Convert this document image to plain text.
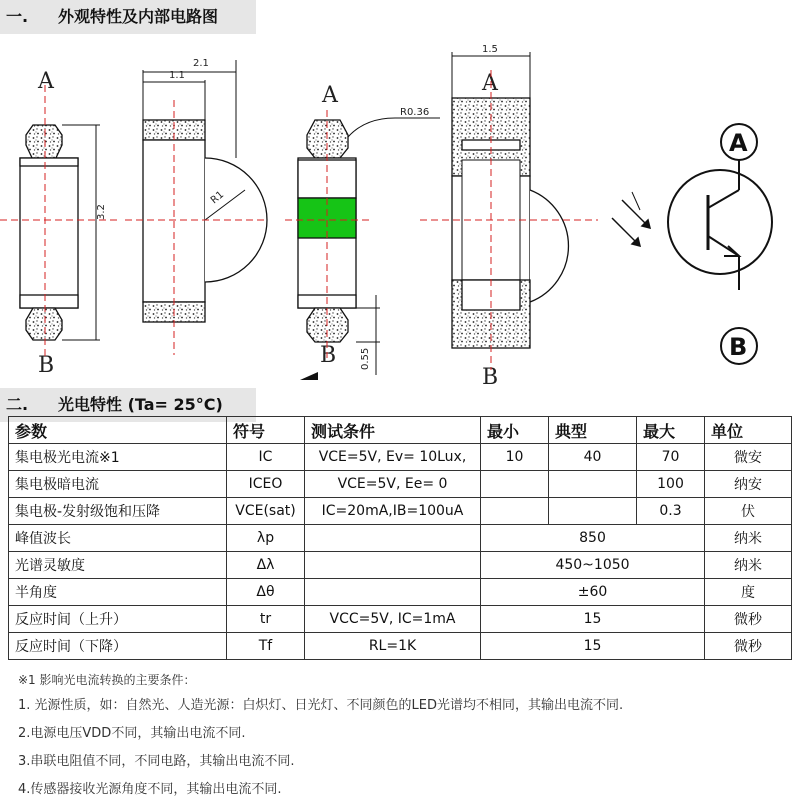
一. 外观特性及内部电路图
A
B
3.2
2.1
1.1
R1
A
B
R0.36
0.55
1.5
A
B
A
B
二. 光电特性 (Ta= 25°C)
参数	符号	测试条件	最小	典型	最大	单位
集电极光电流※1	IC	VCE=5V, Ev= 10Lux,	10	40	70	微安
集电极暗电流	ICEO	VCE=5V, Ee= 0			100	纳安
集电极-发射级饱和压降	VCE(sat)	IC=20mA,IB=100uA			0.3	伏
峰值波长	λp		850			纳米
光谱灵敏度	Δλ		450~1050			纳米
半角度	Δθ		±60			度
反应时间（上升）	tr	VCC=5V, IC=1mA	15			微秒
反应时间（下降）	Tf	RL=1K	15			微秒
※1 影响光电流转换的主要条件：
1. 光源性质，如：自然光、人造光源：白炽灯、日光灯、不同颜色的LED光谱均不相同，其输出电流不同.
2.电源电压VDD不同，其输出电流不同.
3.串联电阻值不同，不同电路，其输出电流不同.
4.传感器接收光源角度不同，其输出电流不同.
